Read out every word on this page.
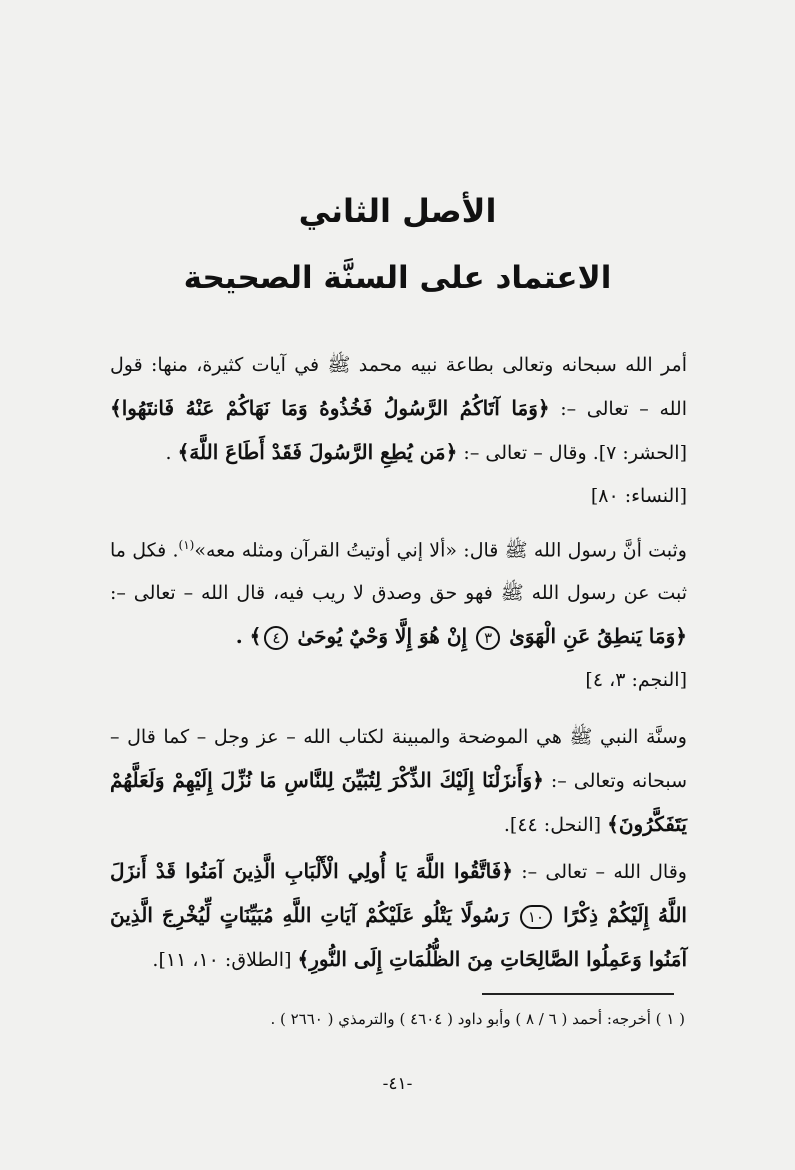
الأصل الثاني
الاعتماد على السنَّة الصحيحة

أمر الله سبحانه وتعالى بطاعة نبيه محمد ﷺ في آيات كثيرة، منها: قول الله – تعالى –: ﴿وَمَا آتَاكُمُ الرَّسُولُ فَخُذُوهُ وَمَا نَهَاكُمْ عَنْهُ فَانتَهُوا﴾ [الحشر: ٧]. وقال – تعالى –: ﴿مَن يُطِعِ الرَّسُولَ فَقَدْ أَطَاعَ اللَّهَ﴾ .
[النساء: ٨٠]

وثبت أنَّ رسول الله ﷺ قال: «ألا إني أوتيتُ القرآن ومثله معه»$^{(١)}$. فكل ما ثبت عن رسول الله ﷺ فهو حق وصدق لا ريب فيه، قال الله – تعالى –: ﴿وَمَا يَنطِقُ عَنِ الْهَوَىٰ ٣ إِنْ هُوَ إِلَّا وَحْيٌ يُوحَىٰ ٤﴾ .
[النجم: ٣، ٤]

وسنَّة النبي ﷺ هي الموضحة والمبينة لكتاب الله – عز وجل – كما قال – سبحانه وتعالى –: ﴿وَأَنزَلْنَا إِلَيْكَ الذِّكْرَ لِتُبَيِّنَ لِلنَّاسِ مَا نُزِّلَ إِلَيْهِمْ وَلَعَلَّهُمْ يَتَفَكَّرُونَ﴾ [النحل: ٤٤].

وقال الله – تعالى –: ﴿فَاتَّقُوا اللَّهَ يَا أُولِي الْأَلْبَابِ الَّذِينَ آمَنُوا قَدْ أَنزَلَ اللَّهُ إِلَيْكُمْ ذِكْرًا ١٠ رَسُولًا يَتْلُو عَلَيْكُمْ آيَاتِ اللَّهِ مُبَيِّنَاتٍ لِّيُخْرِجَ الَّذِينَ آمَنُوا وَعَمِلُوا الصَّالِحَاتِ مِنَ الظُّلُمَاتِ إِلَى النُّورِ﴾ [الطلاق: ١٠، ١١].

( ١ ) أخرجه: أحمد ( ٦ / ٨ ) وأبو داود ( ٤٦٠٤ ) والترمذي ( ٢٦٦٠ ) .
-٤١-
